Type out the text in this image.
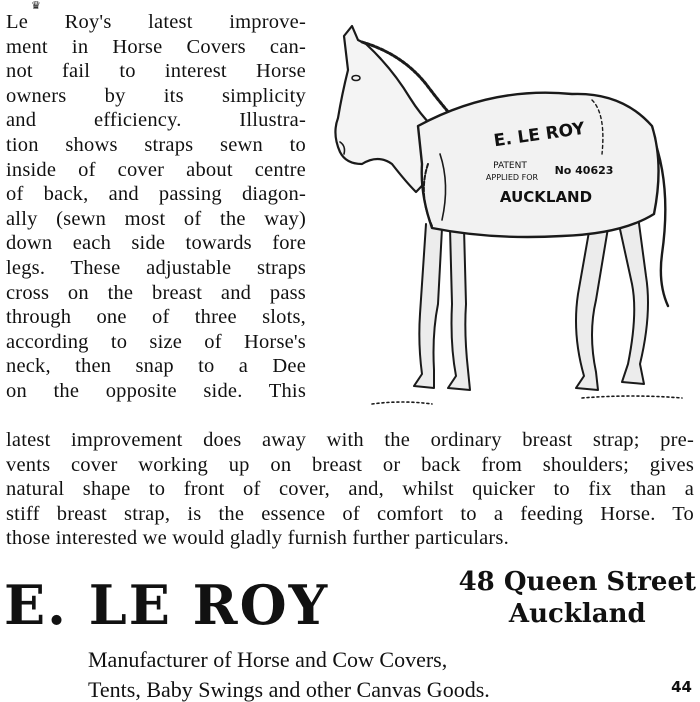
♛
Le Roy's latest improve-
ment in Horse Covers can-
not fail to interest Horse
owners by its simplicity
and efficiency. Illustra-
tion shows straps sewn to
inside of cover about centre
of back, and passing diagon-
ally (sewn most of the way)
down each side towards fore
legs. These adjustable straps
cross on the breast and pass
through one of three slots,
according to size of Horse's
neck, then snap to a Dee
on the opposite side. This
E. LE ROY
PATENT
APPLIED FOR
No 40623
AUCKLAND
latest improvement does away with the ordinary breast strap; pre-
vents cover working up on breast or back from shoulders; gives
natural shape to front of cover, and, whilst quicker to fix than a
stiff breast strap, is the essence of comfort to a feeding Horse. To
those interested we would gladly furnish further particulars.
E. LE ROY	48 Queen Street
Auckland
Manufacturer of Horse and Cow Covers,
Tents, Baby Swings and other Canvas Goods.	44
